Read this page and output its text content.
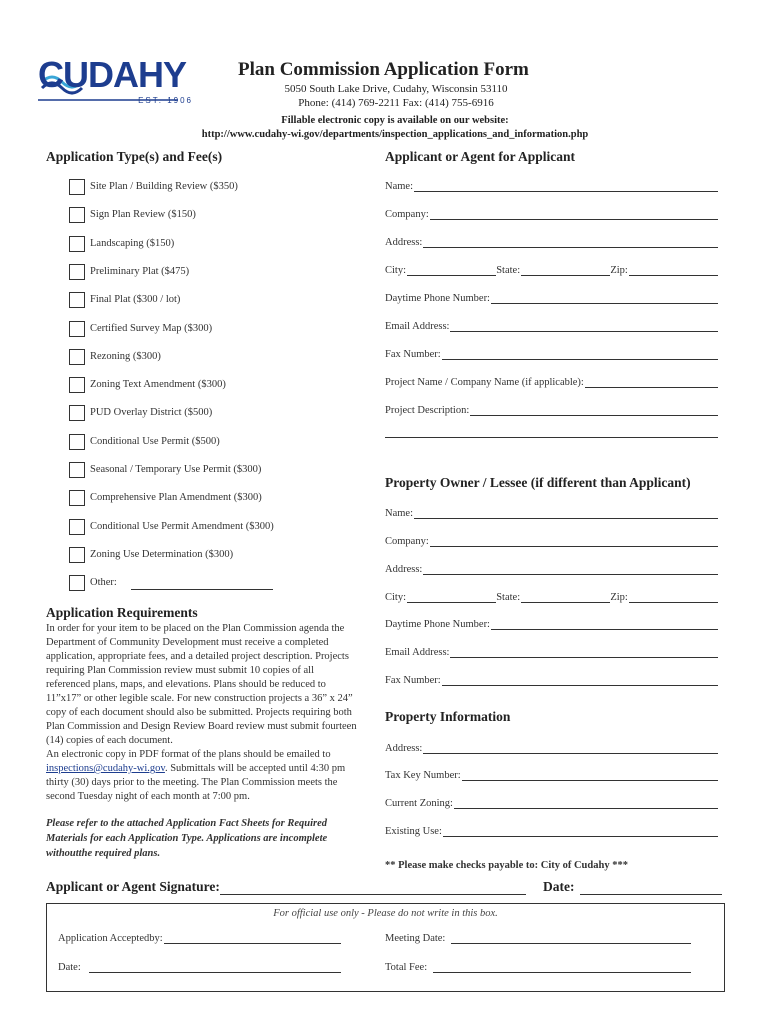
CUDAHY
EST. 1906
Plan Commission Application Form
5050 South Lake Drive, Cudahy, Wisconsin 53110
Phone: (414) 769-2211 Fax: (414) 755-6916
Fillable electronic copy is available on our website:
http://www.cudahy-wi.gov/departments/inspection_applications_and_information.php
Application Type(s) and Fee(s)
Site Plan / Building Review ($350)
Sign Plan Review ($150)
Landscaping ($150)
Preliminary Plat ($475)
Final Plat ($300 / lot)
Certified Survey Map ($300)
Rezoning ($300)
Zoning Text Amendment ($300)
PUD Overlay District ($500)
Conditional Use Permit ($500)
Seasonal / Temporary Use Permit ($300)
Comprehensive Plan Amendment ($300)
Conditional Use Permit Amendment ($300)
Zoning Use Determination ($300)
Other:
Applicant or Agent for Applicant
Name:
Company:
Address:
City:	State:	Zip:
Daytime Phone Number:
Email Address:
Fax Number:
Project Name / Company Name (if applicable):
Project Description:
Property Owner / Lessee (if different than Applicant)
Name:
Company:
Address:
City:	State:	Zip:
Daytime Phone Number:
Email Address:
Fax Number:
Property Information
Address:
Tax Key Number:
Current Zoning:
Existing Use:
** Please make checks payable to: City of Cudahy ***
Application Requirements
In order for your item to be placed on the Plan Commission agenda the Department of Community Development must receive a completed application, appropriate fees, and a detailed project description. Projects requiring Plan Commission review must submit 10 copies of all referenced plans, maps, and elevations. Plans should be reduced to 11”x17” or other legible scale. For new construction projects a 36” x 24” copy of each document should also be submitted. Projects requiring both Plan Commission and Design Review Board review must submit fourteen (14) copies of each document.
An electronic copy in PDF format of the plans should be emailed to inspections@cudahy-wi.gov. Submittals will be accepted until 4:30 pm thirty (30) days prior to the meeting. The Plan Commission meets the second Tuesday night of each month at 7:00 pm.
Please refer to the attached Application Fact Sheets for Required Materials for each Application Type. Applications are incomplete withoutthe required plans.
Applicant or Agent Signature:	Date:
For official use only - Please do not write in this box.
Application Acceptedby:	Meeting Date:
Date:	Total Fee:
